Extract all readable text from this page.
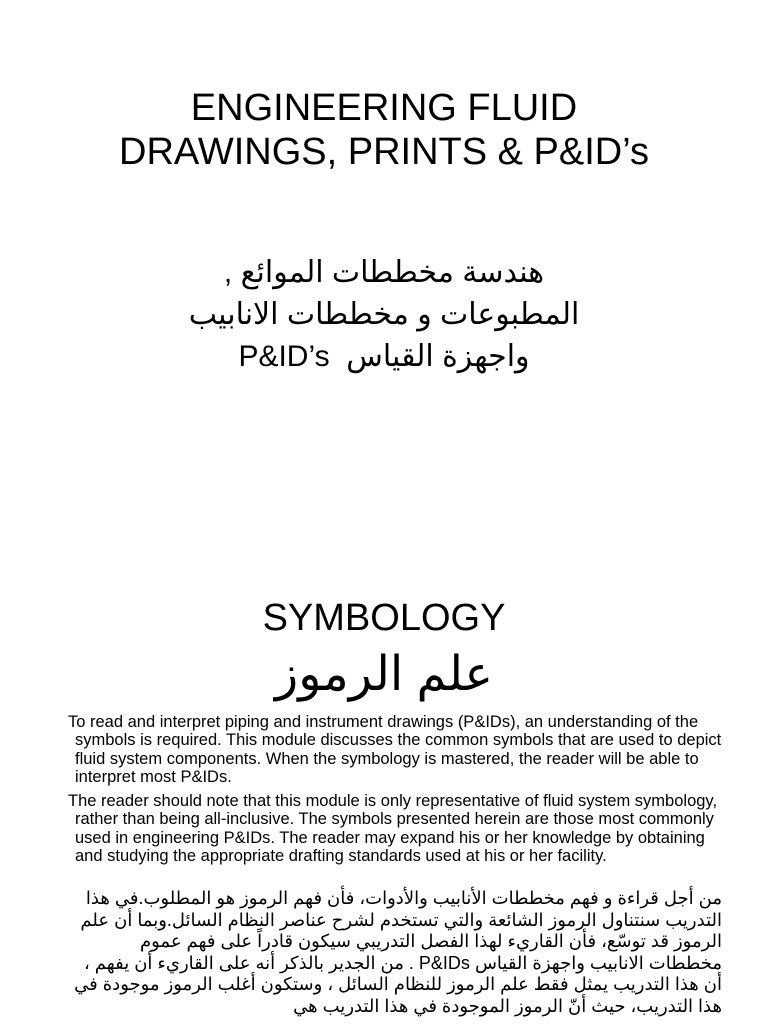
ENGINEERING FLUID
DRAWINGS, PRINTS & P&ID’s
هندسة مخططات الموائع ,
المطبوعات و مخططات الانابيب
واجهزة القياس  P&ID’s
SYMBOLOGY
علم الرموز
To read and interpret piping and instrument drawings (P&IDs), an understanding of the symbols is required. This module discusses the common symbols that are used to depict fluid system components. When the symbology is mastered, the reader will be able to interpret most P&IDs.
The reader should note that this module is only representative of fluid system symbology, rather than being all-inclusive. The symbols presented herein are those most commonly used in engineering P&IDs. The reader may expand his or her knowledge by obtaining and studying the appropriate drafting standards used at his or her facility.
من أجل قراءة و فهم مخططات الأنابيب والأدوات، فأن فهم الرموز هو المطلوب.في هذا التدريب سنتناول الرموز الشائعة والتي تستخدم لشرح عناصر النظام السائل.وبما أن علم الرموز قد توسّع، فأن القاريء لهذا الفصل التدريبي سيكون قادراً على فهم عموم مخططات الانابيب واجهزة القياس P&IDs . من الجدير بالذكر أنه على القاريء أن يفهم ، أن هذا التدريب يمثل فقط علم الرموز للنظام السائل ، وستكون أغلب الرموز موجودة في هذا التدريب، حيث أنّ الرموز الموجودة في هذا التدريب هي
